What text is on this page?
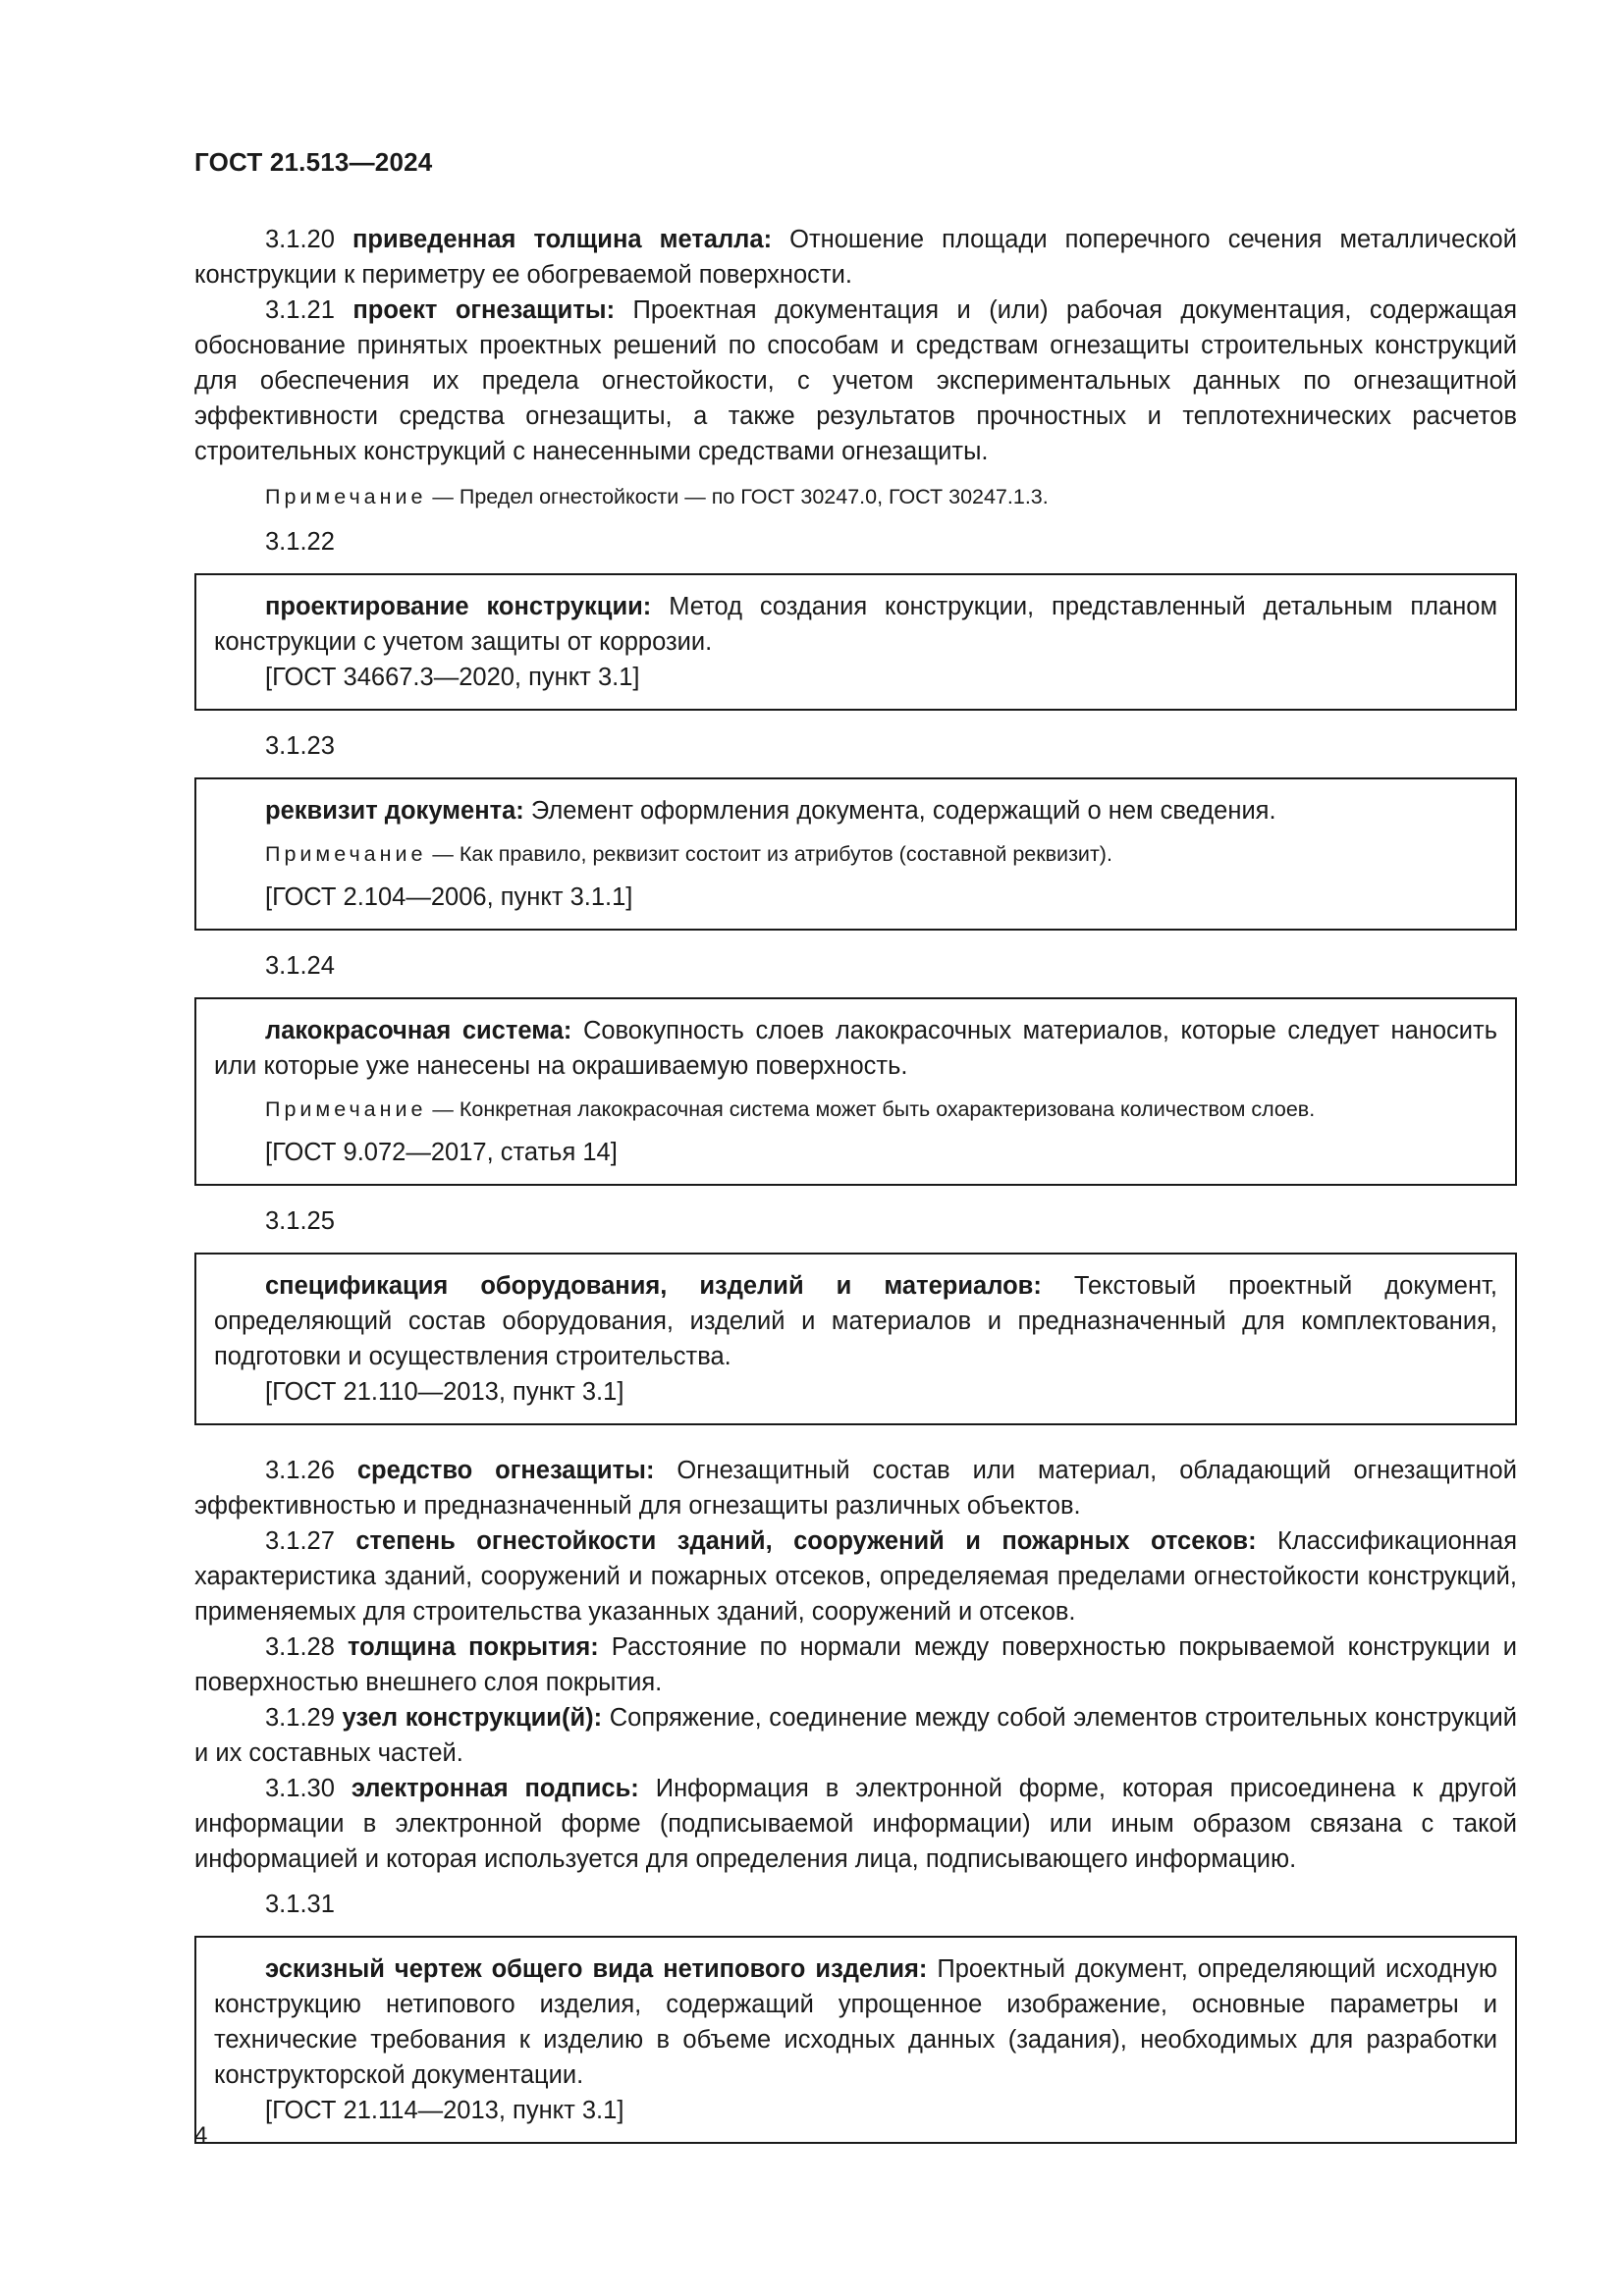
ГОСТ 21.513—2024

3.1.20 приведенная толщина металла: Отношение площади поперечного сечения металлической конструкции к периметру ее обогреваемой поверхности.

3.1.21 проект огнезащиты: Проектная документация и (или) рабочая документация, содержащая обоснование принятых проектных решений по способам и средствам огнезащиты строительных конструкций для обеспечения их предела огнестойкости, с учетом экспериментальных данных по огнезащитной эффективности средства огнезащиты, а также результатов прочностных и теплотехнических расчетов строительных конструкций с нанесенными средствами огнезащиты.

Примечание — Предел огнестойкости — по ГОСТ 30247.0, ГОСТ 30247.1.3.

3.1.22

проектирование конструкции: Метод создания конструкции, представленный детальным планом конструкции с учетом защиты от коррозии.

[ГОСТ 34667.3—2020, пункт 3.1]

3.1.23

реквизит документа: Элемент оформления документа, содержащий о нем сведения.

Примечание — Как правило, реквизит состоит из атрибутов (составной реквизит).

[ГОСТ 2.104—2006, пункт 3.1.1]

3.1.24

лакокрасочная система: Совокупность слоев лакокрасочных материалов, которые следует наносить или которые уже нанесены на окрашиваемую поверхность.

Примечание — Конкретная лакокрасочная система может быть охарактеризована количеством слоев.

[ГОСТ 9.072—2017, статья 14]

3.1.25

спецификация оборудования, изделий и материалов: Текстовый проектный документ, определяющий состав оборудования, изделий и материалов и предназначенный для комплектования, подготовки и осуществления строительства.

[ГОСТ 21.110—2013, пункт 3.1]

3.1.26 средство огнезащиты: Огнезащитный состав или материал, обладающий огнезащитной эффективностью и предназначенный для огнезащиты различных объектов.

3.1.27 степень огнестойкости зданий, сооружений и пожарных отсеков: Классификационная характеристика зданий, сооружений и пожарных отсеков, определяемая пределами огнестойкости конструкций, применяемых для строительства указанных зданий, сооружений и отсеков.

3.1.28 толщина покрытия: Расстояние по нормали между поверхностью покрываемой конструкции и поверхностью внешнего слоя покрытия.

3.1.29 узел конструкции(й): Сопряжение, соединение между собой элементов строительных конструкций и их составных частей.

3.1.30 электронная подпись: Информация в электронной форме, которая присоединена к другой информации в электронной форме (подписываемой информации) или иным образом связана с такой информацией и которая используется для определения лица, подписывающего информацию.

3.1.31

эскизный чертеж общего вида нетипового изделия: Проектный документ, определяющий исходную конструкцию нетипового изделия, содержащий упрощенное изображение, основные параметры и технические требования к изделию в объеме исходных данных (задания), необходимых для разработки конструкторской документации.

[ГОСТ 21.114—2013, пункт 3.1]

4
